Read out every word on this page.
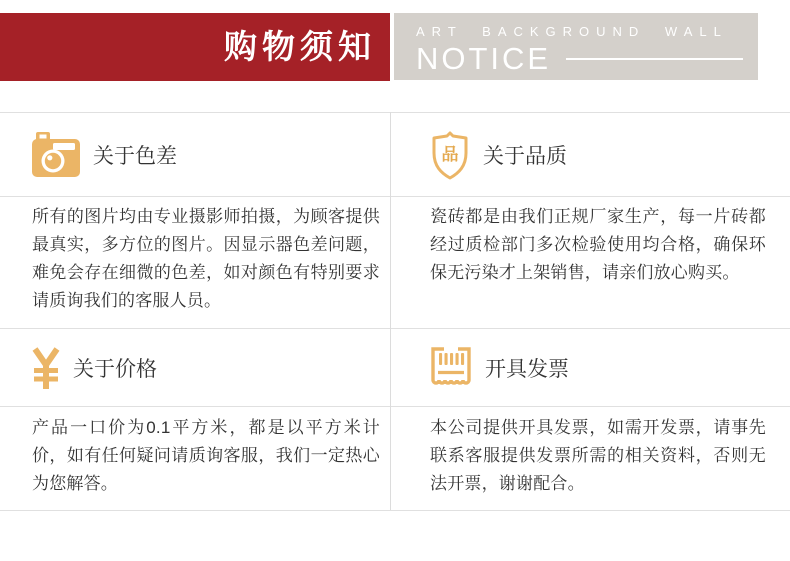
购物须知	ART BACKGROUND WALL
NOTICE
关于色差
所有的图片均由专业摄影师拍摄，为顾客提供最真实，多方位的图片。因显示器色差问题，难免会存在细微的色差，如对颜色有特别要求请质询我们的客服人员。
品 关于品质
瓷砖都是由我们正规厂家生产，每一片砖都经过质检部门多次检验使用均合格，确保环保无污染才上架销售，请亲们放心购买。
关于价格
产品一口价为0.1平方米，都是以平方米计价，如有任何疑问请质询客服，我们一定热心为您解答。
开具发票
本公司提供开具发票，如需开发票，请事先联系客服提供发票所需的相关资料，否则无法开票，谢谢配合。
